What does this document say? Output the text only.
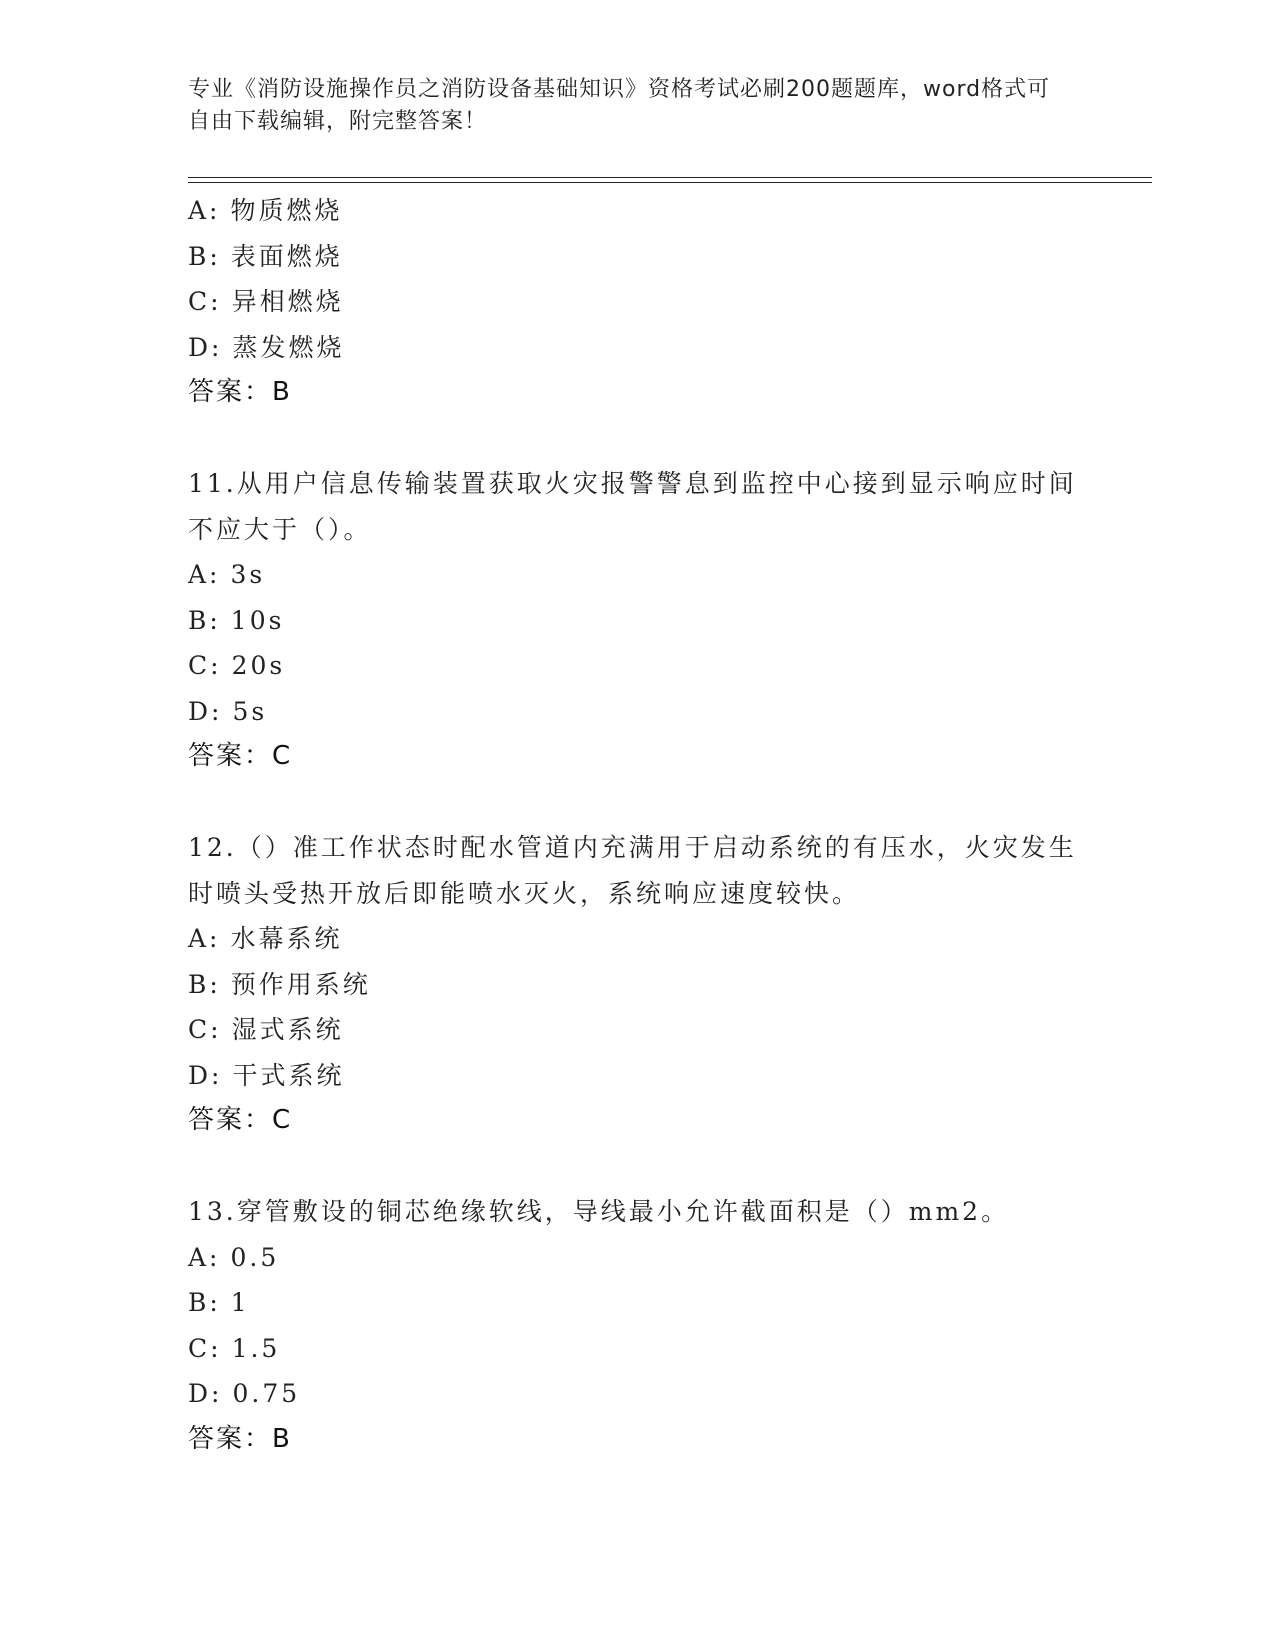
专业《消防设施操作员之消防设备基础知识》资格考试必刷200题题库，word格式可自由下载编辑，附完整答案！
A: 物质燃烧
B: 表面燃烧
C: 异相燃烧
D: 蒸发燃烧
答案：B
11.从用户信息传输装置获取火灾报警警息到监控中心接到显示响应时间不应大于（）。
A: 3s
B: 10s
C: 20s
D: 5s
答案：C
12.（）准工作状态时配水管道内充满用于启动系统的有压水，火灾发生时喷头受热开放后即能喷水灭火，系统响应速度较快。
A: 水幕系统
B: 预作用系统
C: 湿式系统
D: 干式系统
答案：C
13.穿管敷设的铜芯绝缘软线，导线最小允许截面积是（）mm2。
A: 0.5
B: 1
C: 1.5
D: 0.75
答案：B
